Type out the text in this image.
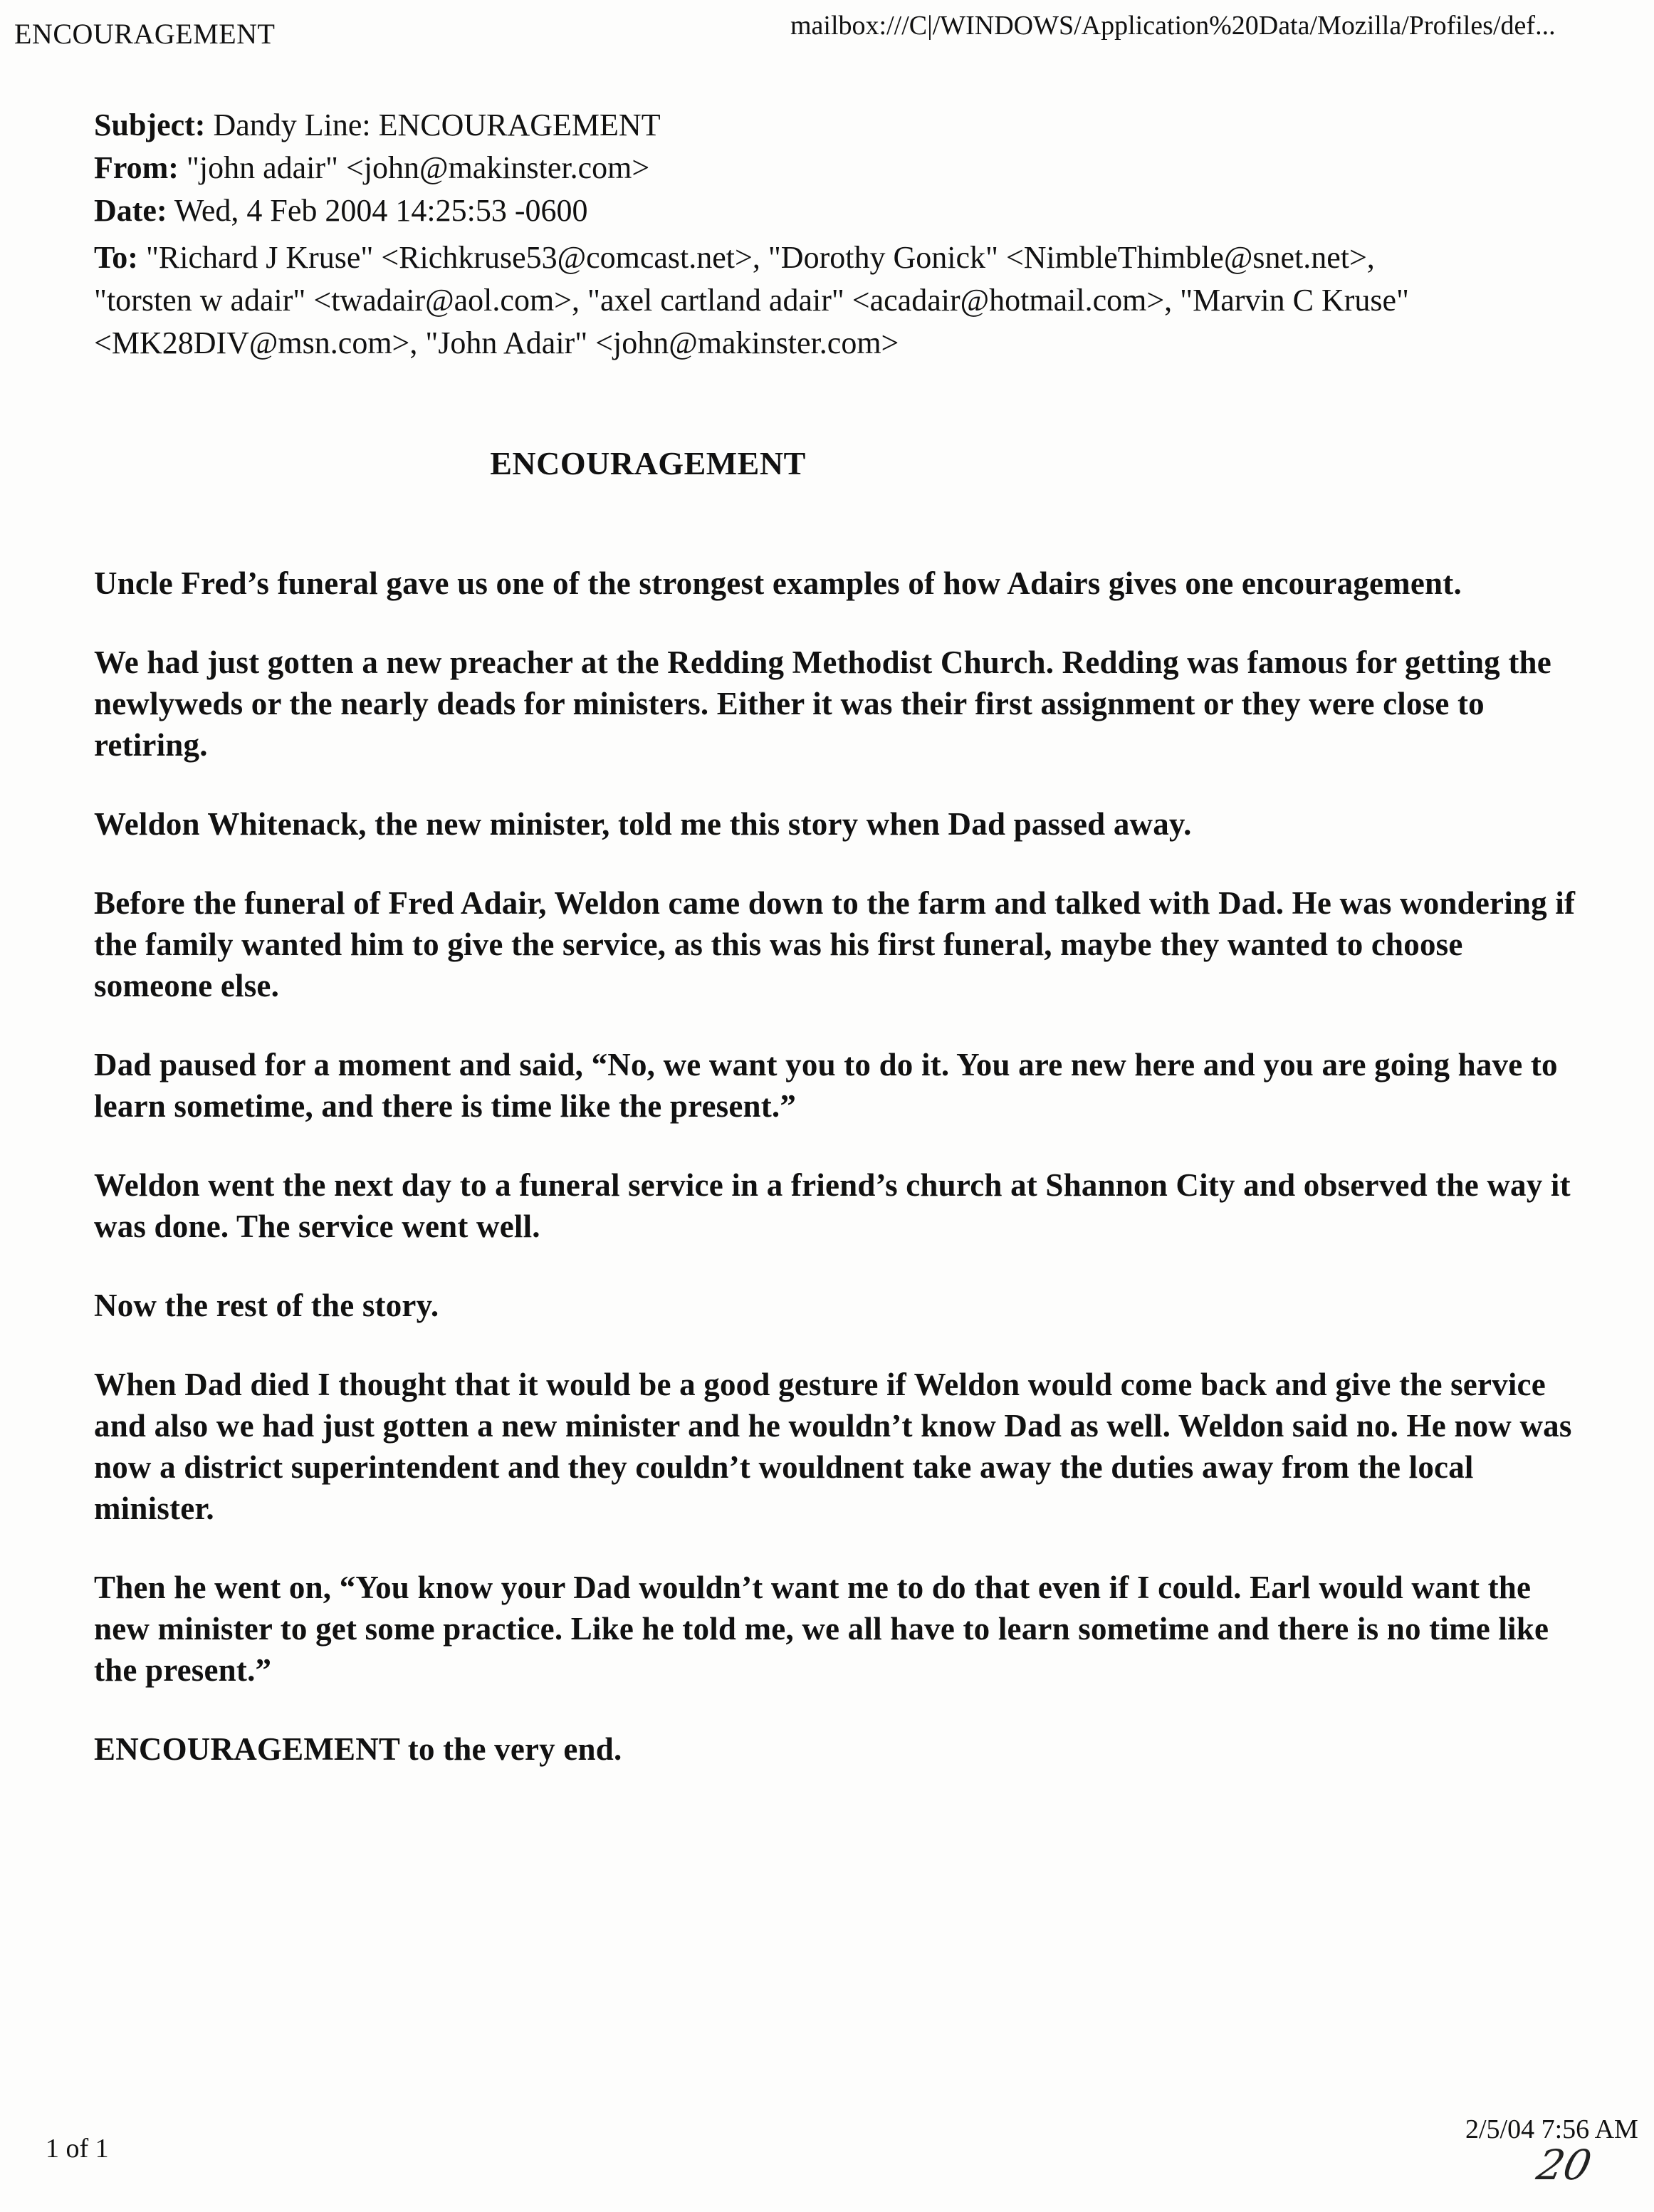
ENCOURAGEMENT	mailbox:///C|/WINDOWS/Application%20Data/Mozilla/Profiles/def...
Subject: Dandy Line: ENCOURAGEMENT
From: "john adair" <john@makinster.com>
Date: Wed, 4 Feb 2004 14:25:53 -0600
To: "Richard J Kruse" <Richkruse53@comcast.net>, "Dorothy Gonick" <NimbleThimble@snet.net>, "torsten w adair" <twadair@aol.com>, "axel cartland adair" <acadair@hotmail.com>, "Marvin C Kruse" <MK28DIV@msn.com>, "John Adair" <john@makinster.com>
ENCOURAGEMENT

Uncle Fred’s funeral gave us one of the strongest examples of how Adairs gives one encouragement.

We had just gotten a new preacher at the Redding Methodist Church. Redding was famous for getting the newlyweds or the nearly deads for ministers. Either it was their first assignment or they were close to retiring.

Weldon Whitenack, the new minister, told me this story when Dad passed away.

Before the funeral of Fred Adair, Weldon came down to the farm and talked with Dad. He was wondering if the family wanted him to give the service, as this was his first funeral, maybe they wanted to choose someone else.

Dad paused for a moment and said, “No, we want you to do it. You are new here and you are going have to learn sometime, and there is time like the present.”

Weldon went the next day to a funeral service in a friend’s church at Shannon City and observed the way it was done. The service went well.

Now the rest of the story.

When Dad died I thought that it would be a good gesture if Weldon would come back and give the service and also we had just gotten a new minister and he wouldn’t know Dad as well. Weldon said no. He now was now a district superintendent and they couldn’t wouldnent take away the duties away from the local minister.

Then he went on, “You know your Dad wouldn’t want me to do that even if I could. Earl would want the new minister to get some practice. Like he told me, we all have to learn sometime and there is no time like the present.”

ENCOURAGEMENT to the very end.

1 of 1
2/5/04 7:56 AM
20
